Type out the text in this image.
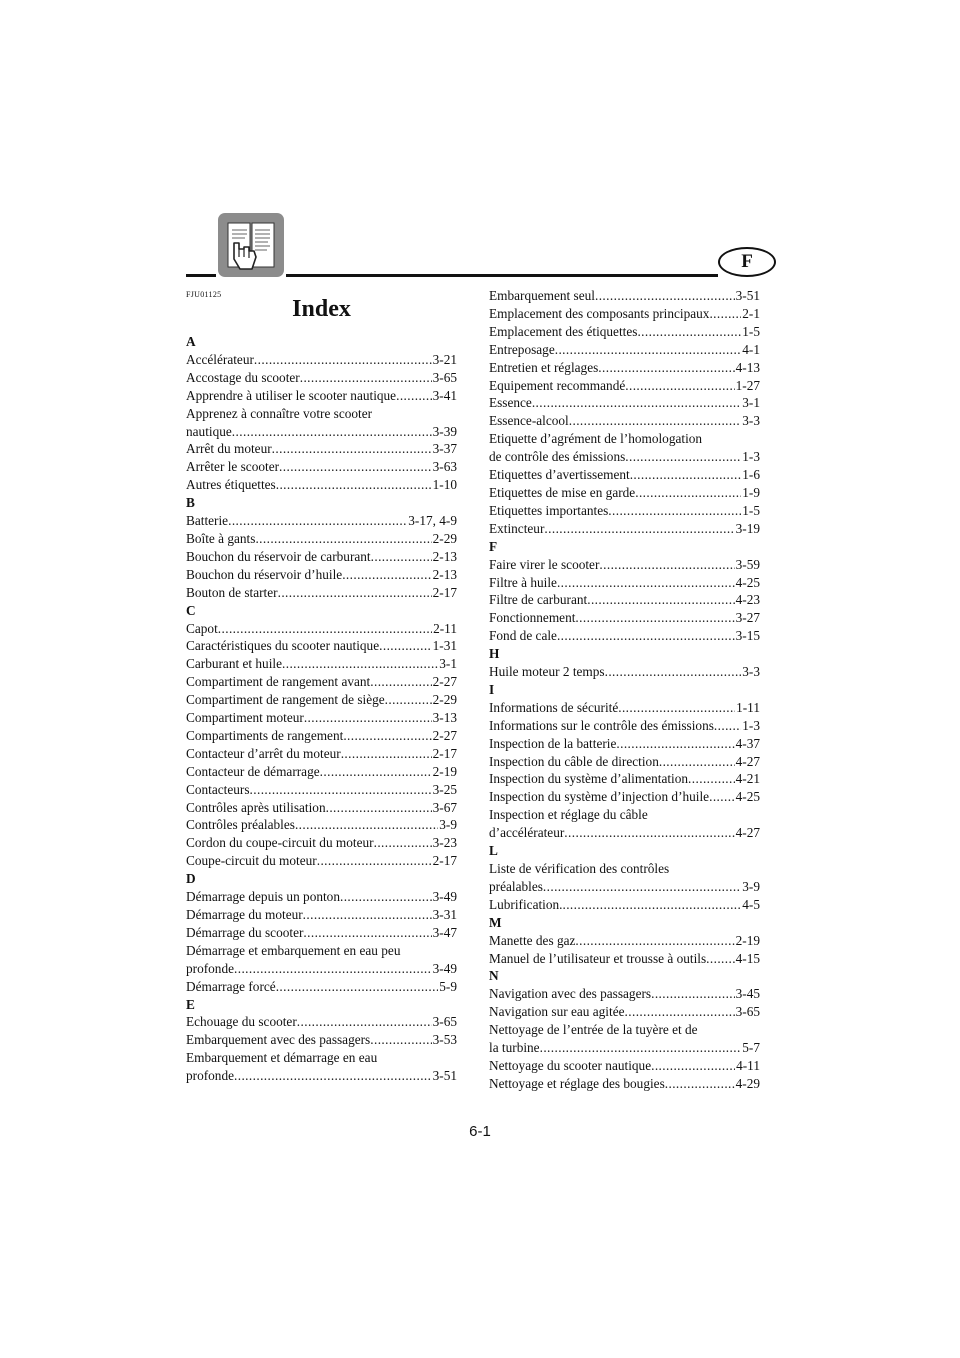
F
FJU01125
Index
A
Accélérateur .....	3-21
Accostage du scooter .....	3-65
Apprendre à utiliser le scooter nautique .....	3-41
Apprenez à connaître votre scooter
nautique .....	3-39
Arrêt du moteur .....	3-37
Arrêter le scooter .....	3-63
Autres étiquettes .....	1-10
B
Batterie .....	3-17, 4-9
Boîte à gants .....	2-29
Bouchon du réservoir de carburant .....	2-13
Bouchon du réservoir d’huile .....	2-13
Bouton de starter .....	2-17
C
Capot .....	2-11
Caractéristiques du scooter nautique .....	1-31
Carburant et huile .....	3-1
Compartiment de rangement avant .....	2-27
Compartiment de rangement de siège .....	2-29
Compartiment moteur .....	3-13
Compartiments de rangement .....	2-27
Contacteur d’arrêt du moteur .....	2-17
Contacteur de démarrage .....	2-19
Contacteurs .....	3-25
Contrôles après utilisation .....	3-67
Contrôles préalables .....	3-9
Cordon du coupe-circuit du moteur .....	3-23
Coupe-circuit du moteur .....	2-17
D
Démarrage depuis un ponton .....	3-49
Démarrage du moteur .....	3-31
Démarrage du scooter .....	3-47
Démarrage et embarquement en eau peu
profonde .....	3-49
Démarrage forcé .....	5-9
E
Echouage du scooter .....	3-65
Embarquement avec des passagers .....	3-53
Embarquement et démarrage en eau
profonde .....	3-51
Embarquement seul .....	3-51
Emplacement des composants principaux ..... 2-1
Emplacement des étiquettes .....	1-5
Entreposage .....	4-1
Entretien et réglages .....	4-13
Equipement recommandé .....	1-27
Essence .....	3-1
Essence-alcool .....	3-3
Etiquette d’agrément de l’homologation
de contrôle des émissions .....	1-3
Etiquettes d’avertissement .....	1-6
Etiquettes de mise en garde .....	1-9
Etiquettes importantes .....	1-5
Extincteur .....	3-19
F
Faire virer le scooter .....	3-59
Filtre à huile .....	4-25
Filtre de carburant .....	4-23
Fonctionnement .....	3-27
Fond de cale .....	3-15
H
Huile moteur 2 temps .....	3-3
I
Informations de sécurité .....	1-11
Informations sur le contrôle des émissions ..... 1-3
Inspection de la batterie .....	4-37
Inspection du câble de direction .....	4-27
Inspection du système d’alimentation .....	4-21
Inspection du système d’injection d’huile ..... 4-25
Inspection et réglage du câble
d’accélérateur .....	4-27
L
Liste de vérification des contrôles
préalables .....	3-9
Lubrification. .....	4-5
M
Manette des gaz .....	2-19
Manuel de l’utilisateur et trousse à outils ..... 4-15
N
Navigation avec des passagers .....	3-45
Navigation sur eau agitée .....	3-65
Nettoyage de l’entrée de la tuyère et de
la turbine .....	5-7
Nettoyage du scooter nautique .....	4-11
Nettoyage et réglage des bougies .....	4-29
6-1
